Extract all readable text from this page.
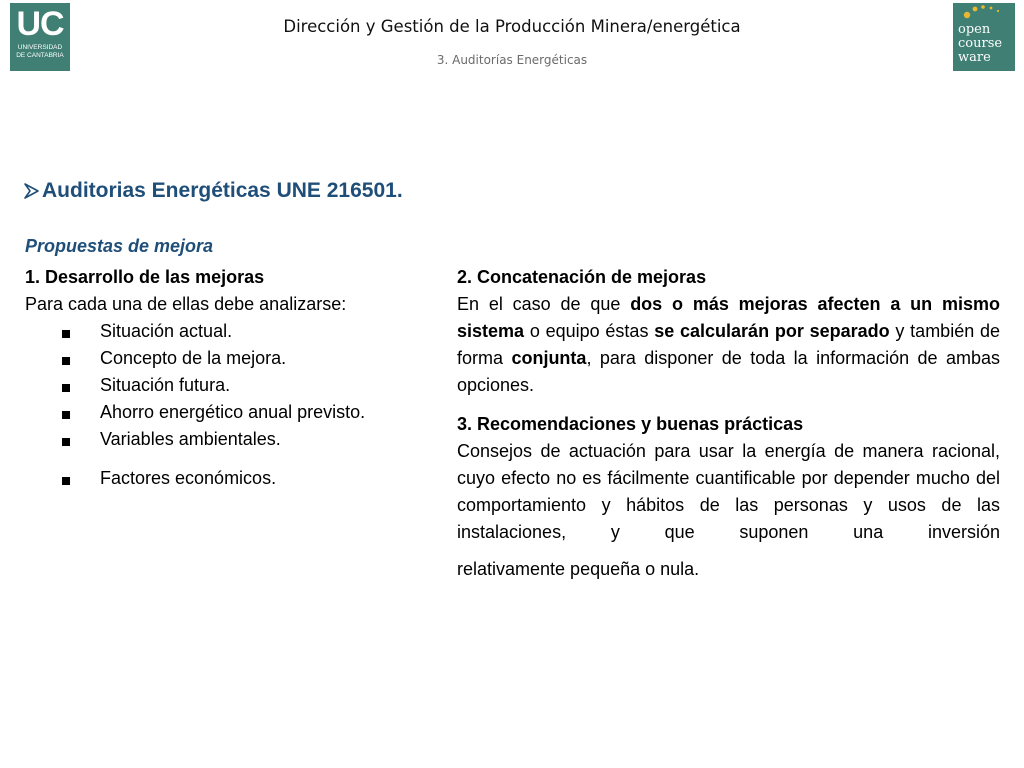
UC
UNIVERSIDAD
DE CANTABRIA
Dirección y Gestión de la Producción Minera/energética
3. Auditorías Energéticas
open
course
ware
Auditorias Energéticas UNE 216501.
Propuestas de mejora
1. Desarrollo de las mejoras
Para cada una de ellas debe analizarse:
Situación actual.
Concepto de la mejora.
Situación futura.
Ahorro energético anual previsto.
Variables ambientales.
Factores económicos.
2. Concatenación de mejoras
En el caso de que dos o más mejoras afecten a un mismo sistema o equipo éstas se calcularán por separado y también de forma conjunta, para disponer de toda la información de ambas opciones.
3. Recomendaciones y buenas prácticas
Consejos de actuación para usar la energía de manera racional, cuyo efecto no es fácilmente cuantificable por depender mucho del comportamiento y hábitos de las personas y usos de las instalaciones, y que suponen una inversión
relativamente pequeña o nula.
